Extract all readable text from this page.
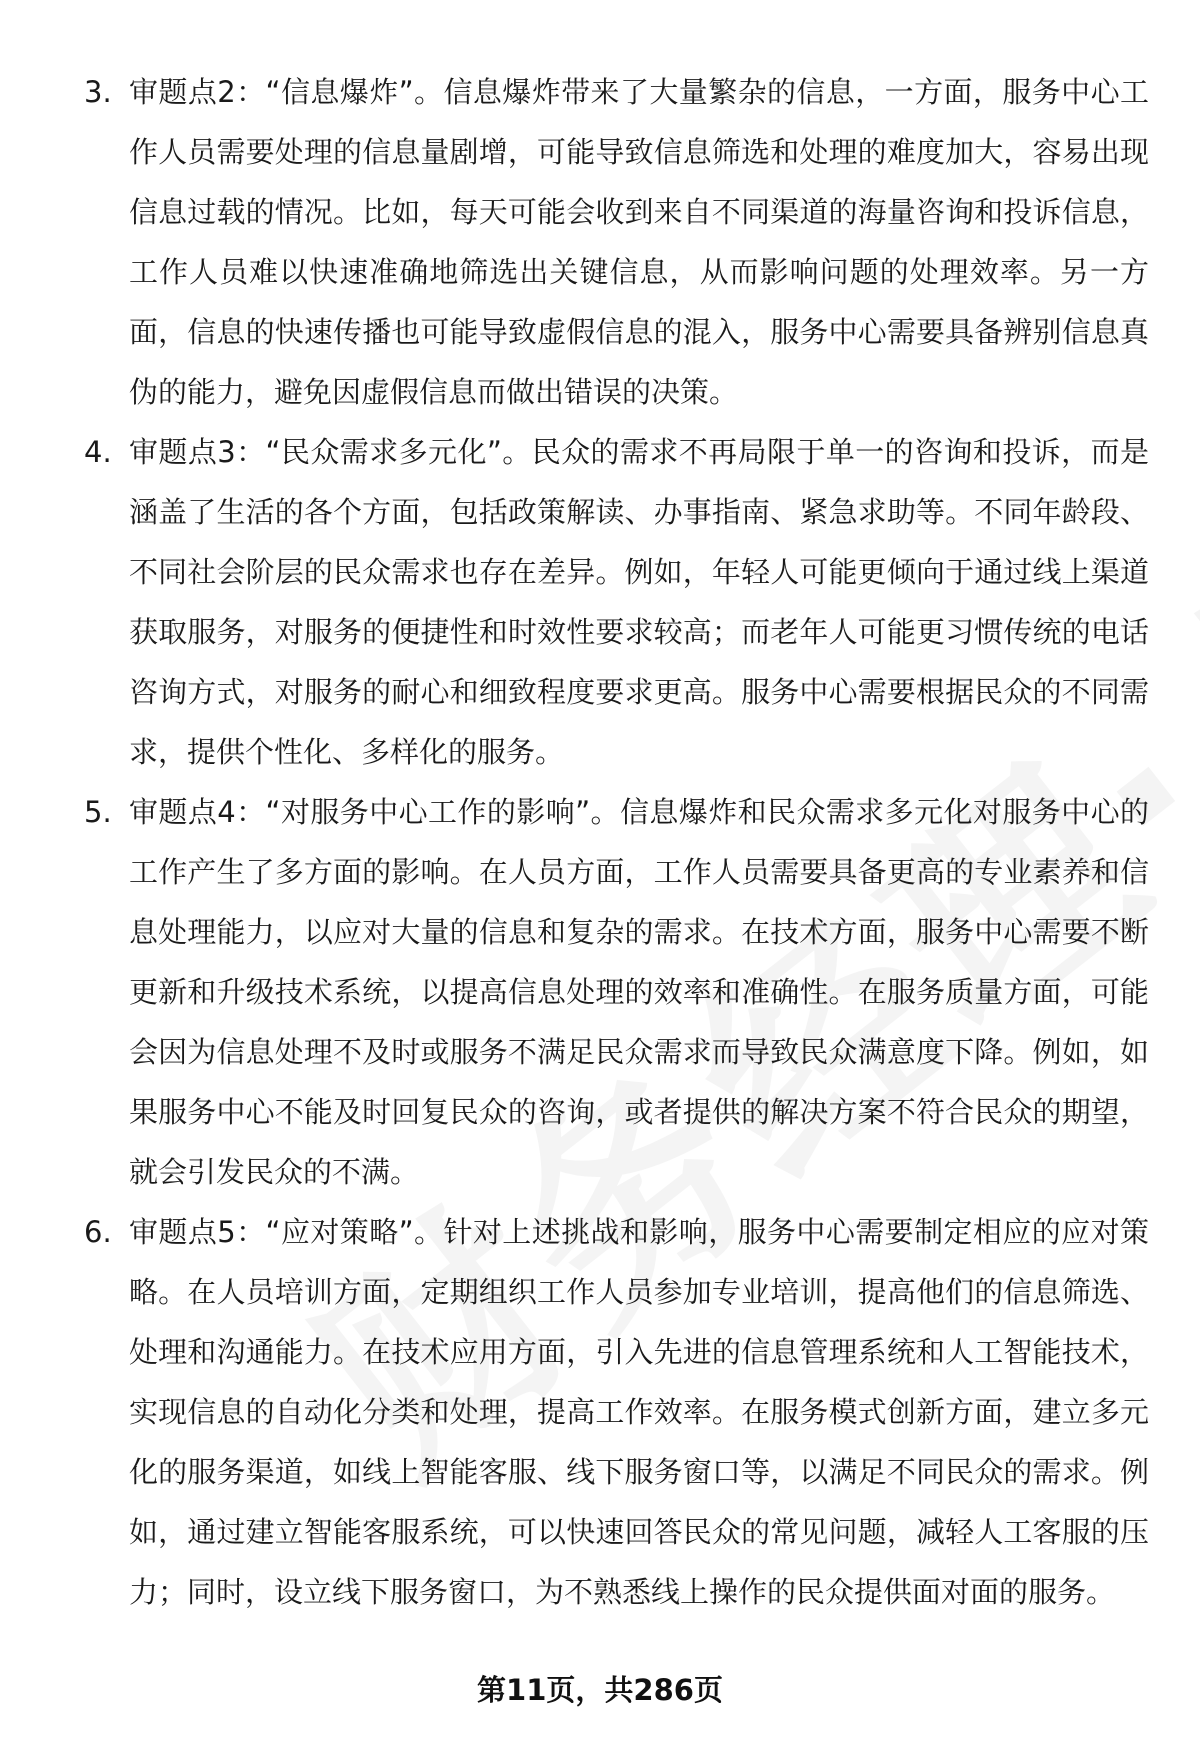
3. 审题点2：“信息爆炸”。信息爆炸带来了大量繁杂的信息，一方面，服务中心工作人员需要处理的信息量剧增，可能导致信息筛选和处理的难度加大，容易出现信息过载的情况。比如，每天可能会收到来自不同渠道的海量咨询和投诉信息，工作人员难以快速准确地筛选出关键信息，从而影响问题的处理效率。另一方面，信息的快速传播也可能导致虚假信息的混入，服务中心需要具备辨别信息真伪的能力，避免因虚假信息而做出错误的决策。

4. 审题点3：“民众需求多元化”。民众的需求不再局限于单一的咨询和投诉，而是涵盖了生活的各个方面，包括政策解读、办事指南、紧急求助等。不同年龄段、不同社会阶层的民众需求也存在差异。例如，年轻人可能更倾向于通过线上渠道获取服务，对服务的便捷性和时效性要求较高；而老年人可能更习惯传统的电话咨询方式，对服务的耐心和细致程度要求更高。服务中心需要根据民众的不同需求，提供个性化、多样化的服务。

5. 审题点4：“对服务中心工作的影响”。信息爆炸和民众需求多元化对服务中心的工作产生了多方面的影响。在人员方面，工作人员需要具备更高的专业素养和信息处理能力，以应对大量的信息和复杂的需求。在技术方面，服务中心需要不断更新和升级技术系统，以提高信息处理的效率和准确性。在服务质量方面，可能会因为信息处理不及时或服务不满足民众需求而导致民众满意度下降。例如，如果服务中心不能及时回复民众的咨询，或者提供的解决方案不符合民众的期望，就会引发民众的不满。

6. 审题点5：“应对策略”。针对上述挑战和影响，服务中心需要制定相应的应对策略。在人员培训方面，定期组织工作人员参加专业培训，提高他们的信息筛选、处理和沟通能力。在技术应用方面，引入先进的信息管理系统和人工智能技术，实现信息的自动化分类和处理，提高工作效率。在服务模式创新方面，建立多元化的服务渠道，如线上智能客服、线下服务窗口等，以满足不同民众的需求。例如，通过建立智能客服系统，可以快速回答民众的常见问题，减轻人工客服的压力；同时，设立线下服务窗口，为不熟悉线上操作的民众提供面对面的服务。

第11页，共286页
